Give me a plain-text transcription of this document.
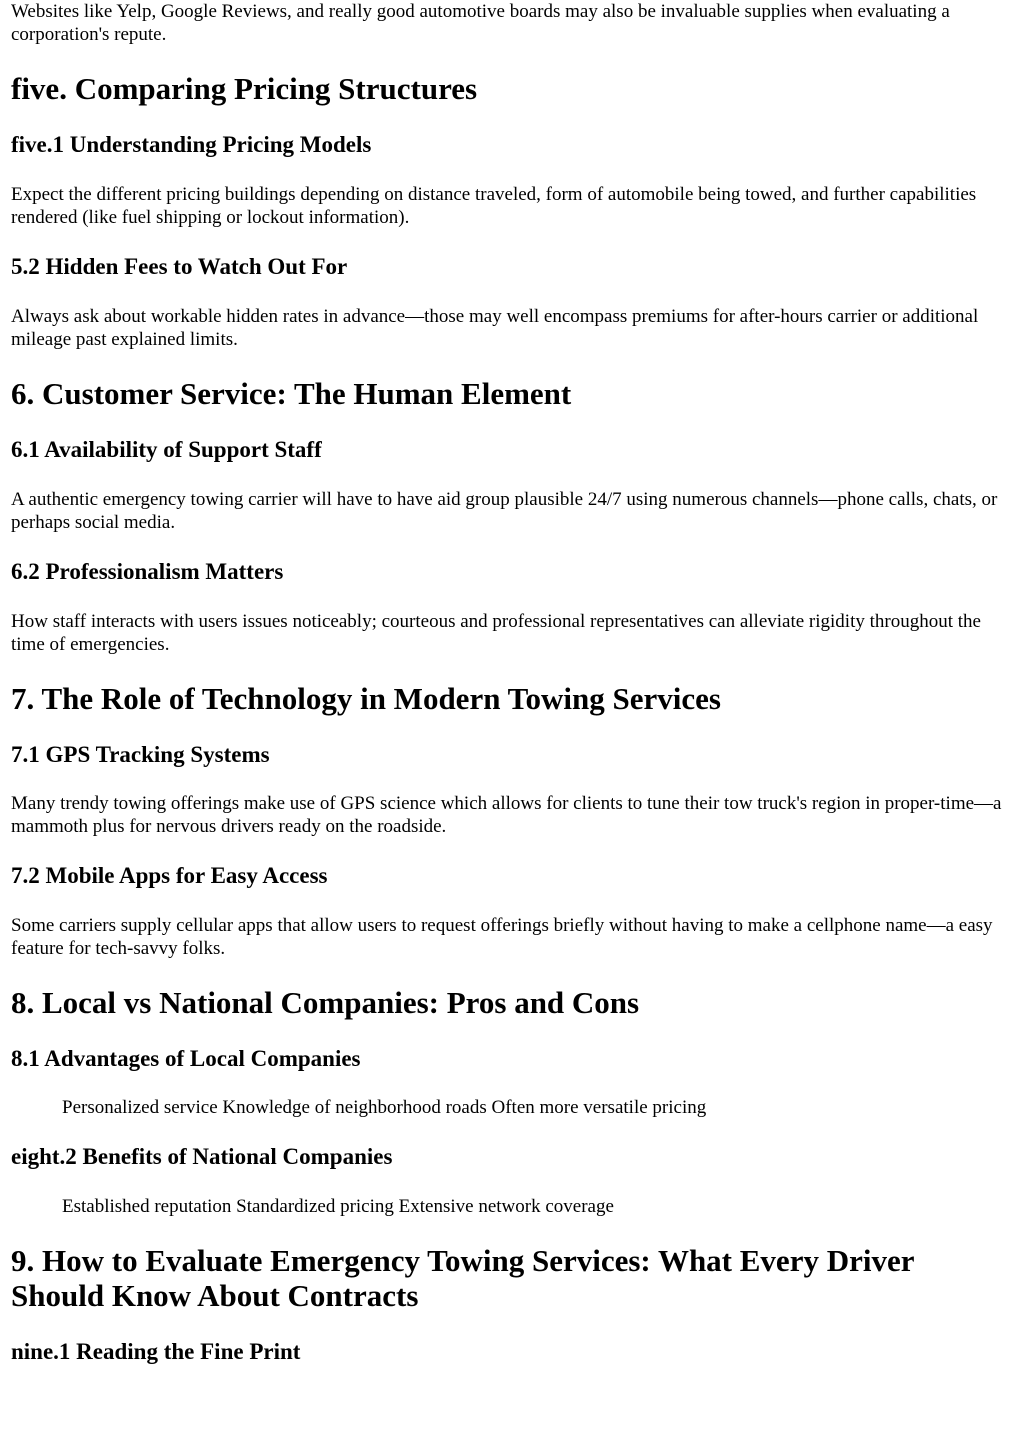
Websites like Yelp, Google Reviews, and really good automotive boards may also be invaluable supplies when evaluating a corporation's repute.

five. Comparing Pricing Structures
five.1 Understanding Pricing Models

Expect the different pricing buildings depending on distance traveled, form of automobile being towed, and further capabilities rendered (like fuel shipping or lockout information).

5.2 Hidden Fees to Watch Out For

Always ask about workable hidden rates in advance—those may well encompass premiums for after-hours carrier or additional mileage past explained limits.

6. Customer Service: The Human Element
6.1 Availability of Support Staff

A authentic emergency towing carrier will have to have aid group plausible 24/7 using numerous channels—phone calls, chats, or perhaps social media.

6.2 Professionalism Matters

How staff interacts with users issues noticeably; courteous and professional representatives can alleviate rigidity throughout the time of emergencies.

7. The Role of Technology in Modern Towing Services
7.1 GPS Tracking Systems

Many trendy towing offerings make use of GPS science which allows for clients to tune their tow truck's region in proper-time—a mammoth plus for nervous drivers ready on the roadside.

7.2 Mobile Apps for Easy Access

Some carriers supply cellular apps that allow users to request offerings briefly without having to make a cellphone name—a easy feature for tech-savvy folks.

8. Local vs National Companies: Pros and Cons
8.1 Advantages of Local Companies
Personalized service Knowledge of neighborhood roads Often more versatile pricing
eight.2 Benefits of National Companies
Established reputation Standardized pricing Extensive network coverage
9. How to Evaluate Emergency Towing Services: What Every Driver Should Know About Contracts
nine.1 Reading the Fine Print
